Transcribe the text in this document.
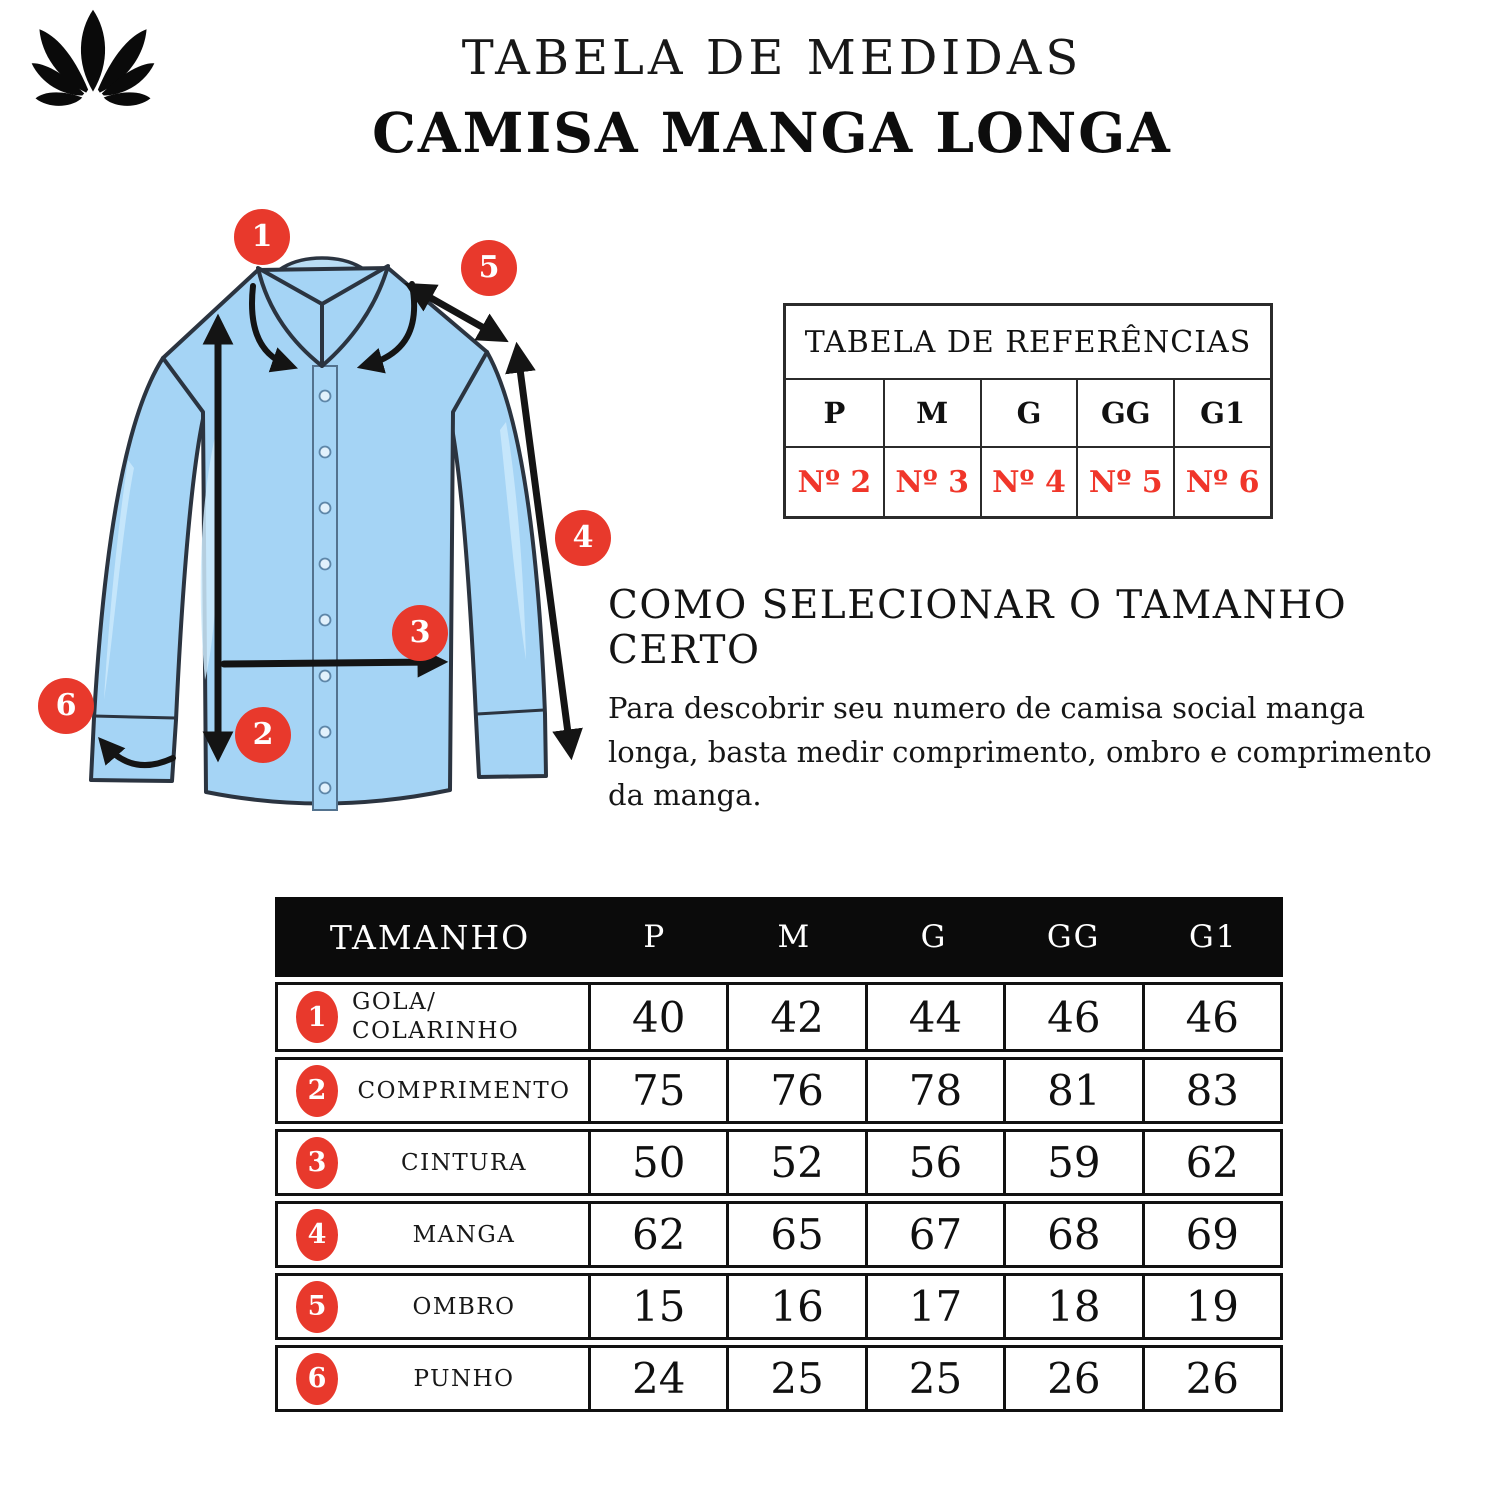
TABELA DE MEDIDAS
CAMISA MANGA LONGA
1
2
3
4
5
6
TABELA DE REFERÊNCIAS
P	M	G	GG	G1
Nº 2 Nº 3 Nº 4 Nº 5 Nº 6
COMO SELECIONAR O TAMANHO CERTO

Para descobrir seu numero de camisa social manga longa, basta medir comprimento, ombro e comprimento da manga.

TAMANHO	P	M	G	GG	G1
1	GOLA/
COLARINHO	40	42	44	46	46
2	COMPRIMENTO	75	76	78	81	83
3	CINTURA	50	52	56	59	62
4	MANGA	62	65	67	68	69
5	OMBRO	15	16	17	18	19
6	PUNHO	24	25	25	26	26
